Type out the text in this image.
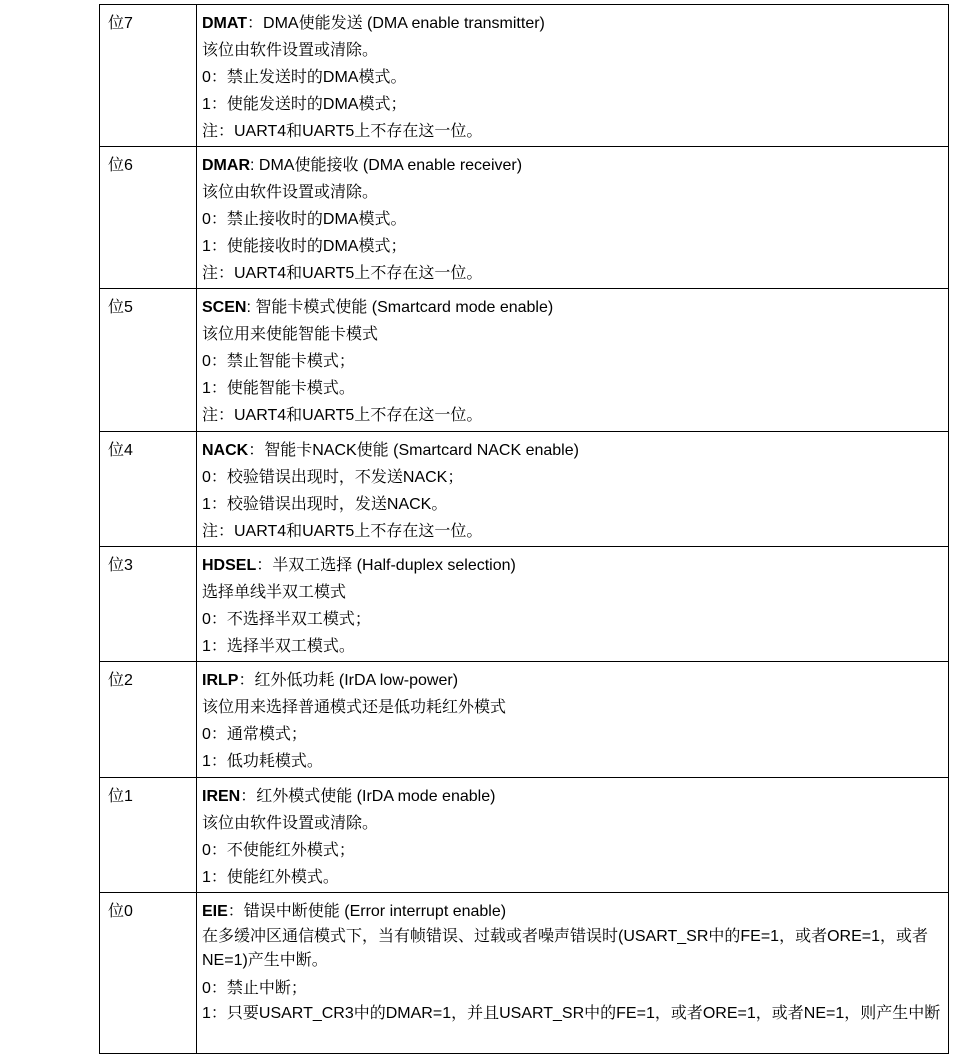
位7	DMAT：DMA使能发送 (DMA enable transmitter)
该位由软件设置或清除。
0：禁止发送时的DMA模式。
1：使能发送时的DMA模式；
注：UART4和UART5上不存在这一位。

位6	DMAR: DMA使能接收 (DMA enable receiver)
该位由软件设置或清除。
0：禁止接收时的DMA模式。
1：使能接收时的DMA模式；
注：UART4和UART5上不存在这一位。

位5	SCEN: 智能卡模式使能 (Smartcard mode enable)
该位用来使能智能卡模式
0：禁止智能卡模式；
1：使能智能卡模式。
注：UART4和UART5上不存在这一位。

位4	NACK：智能卡NACK使能 (Smartcard NACK enable)
0：校验错误出现时，不发送NACK；
1：校验错误出现时，发送NACK。
注：UART4和UART5上不存在这一位。

位3	HDSEL：半双工选择 (Half-duplex selection)
选择单线半双工模式
0：不选择半双工模式；
1：选择半双工模式。

位2	IRLP：红外低功耗 (IrDA low-power)
该位用来选择普通模式还是低功耗红外模式
0：通常模式；
1：低功耗模式。

位1	IREN：红外模式使能 (IrDA mode enable)
该位由软件设置或清除。
0：不使能红外模式；
1：使能红外模式。

位0	EIE：错误中断使能 (Error interrupt enable)
在多缓冲区通信模式下，当有帧错误、过载或者噪声错误时(USART_SR中的FE=1，或者ORE=1，或者NE=1)产生中断。
0：禁止中断；
1：只要USART_CR3中的DMAR=1，并且USART_SR中的FE=1，或者ORE=1，或者NE=1，则产生中断
